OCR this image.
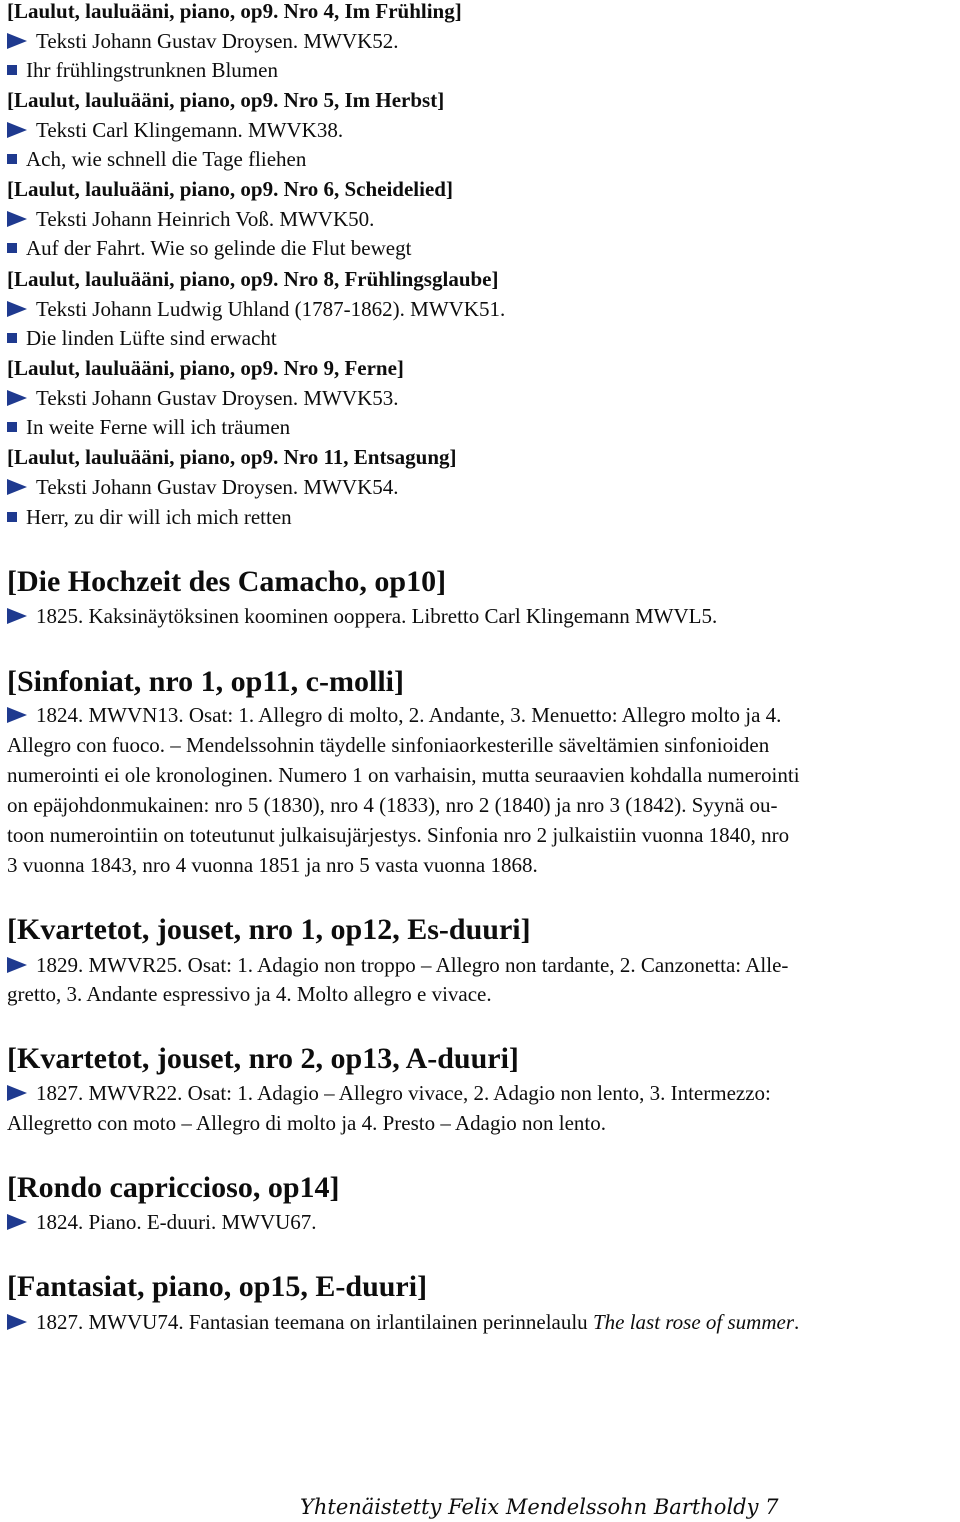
[Laulut, lauluääni, piano, op9. Nro 4, Im Frühling]
Teksti Johann Gustav Droysen. MWVK52.
Ihr frühlingstrunknen Blumen
[Laulut, lauluääni, piano, op9. Nro 5, Im Herbst]
Teksti Carl Klingemann. MWVK38.
Ach, wie schnell die Tage fliehen
[Laulut, lauluääni, piano, op9. Nro 6, Scheidelied]
Teksti Johann Heinrich Voß. MWVK50.
Auf der Fahrt. Wie so gelinde die Flut bewegt
[Laulut, lauluääni, piano, op9. Nro 8, Frühlingsglaube]
Teksti Johann Ludwig Uhland (1787-1862). MWVK51.
Die linden Lüfte sind erwacht
[Laulut, lauluääni, piano, op9. Nro 9, Ferne]
Teksti Johann Gustav Droysen. MWVK53.
In weite Ferne will ich träumen
[Laulut, lauluääni, piano, op9. Nro 11, Entsagung]
Teksti Johann Gustav Droysen. MWVK54.
Herr, zu dir will ich mich retten
[Die Hochzeit des Camacho, op10]
1825. Kaksinäytöksinen koominen ooppera. Libretto Carl Klingemann MWVL5.
[Sinfoniat, nro 1, op11, c-molli]
1824. MWVN13. Osat: 1. Allegro di molto, 2. Andante, 3. Menuetto: Allegro molto ja 4.
Allegro con fuoco. – Mendelssohnin täydelle sinfoniaorkesterille säveltämien sinfonioiden
numerointi ei ole kronologinen. Numero 1 on varhaisin, mutta seuraavien kohdalla numerointi
on epäjohdonmukainen: nro 5 (1830), nro 4 (1833), nro 2 (1840) ja nro 3 (1842). Syynä ou-
toon numerointiin on toteutunut julkaisujärjestys. Sinfonia nro 2 julkaistiin vuonna 1840, nro
3 vuonna 1843, nro 4 vuonna 1851 ja nro 5 vasta vuonna 1868.
[Kvartetot, jouset, nro 1, op12, Es-duuri]
1829. MWVR25. Osat: 1. Adagio non troppo – Allegro non tardante, 2. Canzonetta: Alle-
gretto, 3. Andante espressivo ja 4. Molto allegro e vivace.
[Kvartetot, jouset, nro 2, op13, A-duuri]
1827. MWVR22. Osat: 1. Adagio – Allegro vivace, 2. Adagio non lento, 3. Intermezzo:
Allegretto con moto – Allegro di molto ja 4. Presto – Adagio non lento.
[Rondo capriccioso, op14]
1824. Piano. E-duuri. MWVU67.
[Fantasiat, piano, op15, E-duuri]
1827. MWVU74. Fantasian teemana on irlantilainen perinnelaulu The last rose of summer.
Yhtenäistetty Felix Mendelssohn Bartholdy 7
